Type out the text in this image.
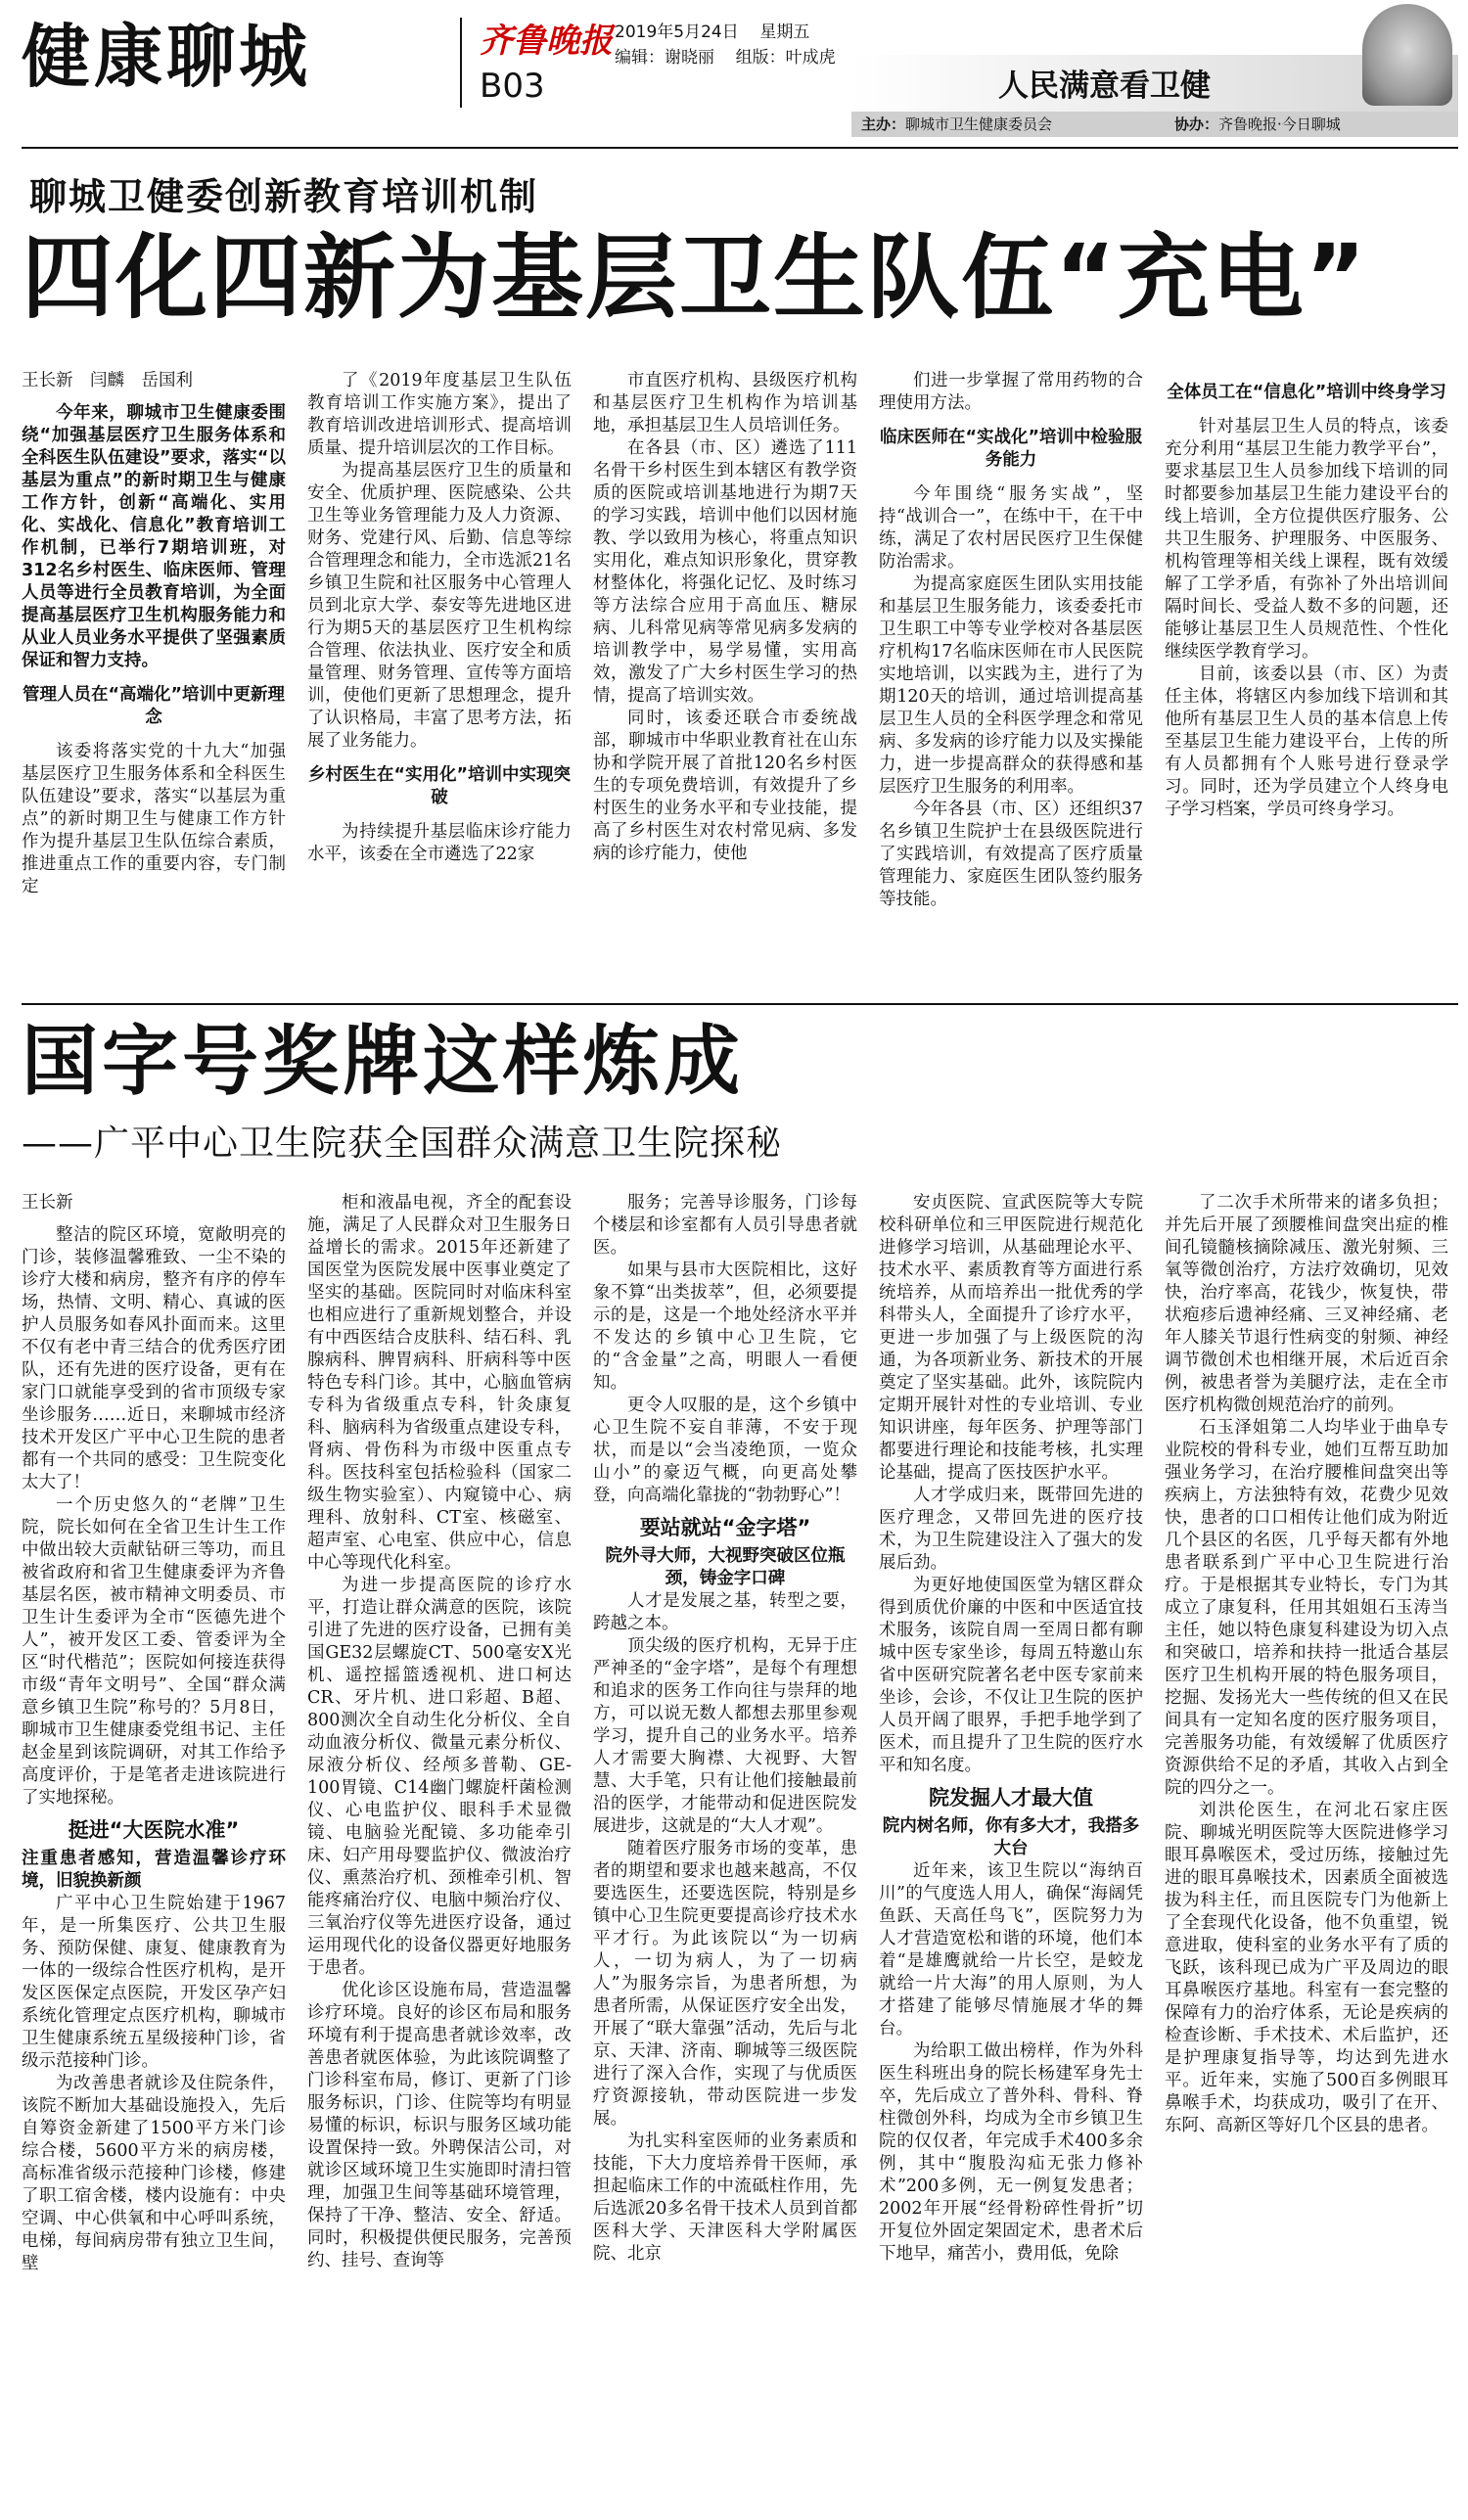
健康聊城	齐鲁晚报
B03
2019年5月24日 星期五
编辑：谢晓丽 组版：叶成虎
人民满意看卫健
主办：聊城市卫生健康委员会	协办：齐鲁晚报·今日聊城
聊城卫健委创新教育培训机制
四化四新为基层卫生队伍“充电”

王长新　闫麟　岳国利

今年来，聊城市卫生健康委围绕“加强基层医疗卫生服务体系和全科医生队伍建设”要求，落实“以基层为重点”的新时期卫生与健康工作方针，创新“高端化、实用化、实战化、信息化”教育培训工作机制，已举行7期培训班，对312名乡村医生、临床医师、管理人员等进行全员教育培训，为全面提高基层医疗卫生机构服务能力和从业人员业务水平提供了坚强素质保证和智力支持。

管理人员在“高端化”培训中更新理念

该委将落实党的十九大“加强基层医疗卫生服务体系和全科医生队伍建设”要求，落实“以基层为重点”的新时期卫生与健康工作方针作为提升基层卫生队伍综合素质，推进重点工作的重要内容，专门制定

了《2019年度基层卫生队伍教育培训工作实施方案》，提出了教育培训改进培训形式、提高培训质量、提升培训层次的工作目标。

为提高基层医疗卫生的质量和安全、优质护理、医院感染、公共卫生等业务管理能力及人力资源、财务、党建行风、后勤、信息等综合管理理念和能力，全市选派21名乡镇卫生院和社区服务中心管理人员到北京大学、泰安等先进地区进行为期5天的基层医疗卫生机构综合管理、依法执业、医疗安全和质量管理、财务管理、宣传等方面培训，使他们更新了思想理念，提升了认识格局，丰富了思考方法，拓展了业务能力。

乡村医生在“实用化”培训中实现突破

为持续提升基层临床诊疗能力水平，该委在全市遴选了22家

市直医疗机构、县级医疗机构和基层医疗卫生机构作为培训基地，承担基层卫生人员培训任务。

在各县（市、区）遴选了111名骨干乡村医生到本辖区有教学资质的医院或培训基地进行为期7天的学习实践，培训中他们以因材施教、学以致用为核心，将重点知识实用化，难点知识形象化，贯穿教材整体化，将强化记忆、及时练习等方法综合应用于高血压、糖尿病、儿科常见病等常见病多发病的培训教学中，易学易懂，实用高效，激发了广大乡村医生学习的热情，提高了培训实效。

同时，该委还联合市委统战部，聊城市中华职业教育社在山东协和学院开展了首批120名乡村医生的专项免费培训，有效提升了乡村医生的业务水平和专业技能，提高了乡村医生对农村常见病、多发病的诊疗能力，使他

们进一步掌握了常用药物的合理使用方法。

临床医师在“实战化”培训中检验服务能力

今年围绕“服务实战”，坚持“战训合一”，在练中干，在干中练，满足了农村居民医疗卫生保健防治需求。

为提高家庭医生团队实用技能和基层卫生服务能力，该委委托市卫生职工中等专业学校对各基层医疗机构17名临床医师在市人民医院实地培训，以实践为主，进行了为期120天的培训，通过培训提高基层卫生人员的全科医学理念和常见病、多发病的诊疗能力以及实操能力，进一步提高群众的获得感和基层医疗卫生服务的利用率。

今年各县（市、区）还组织37名乡镇卫生院护士在县级医院进行了实践培训，有效提高了医疗质量管理能力、家庭医生团队签约服务等技能。

全体员工在“信息化”培训中终身学习

针对基层卫生人员的特点，该委充分利用“基层卫生能力教学平台”，要求基层卫生人员参加线下培训的同时都要参加基层卫生能力建设平台的线上培训，全方位提供医疗服务、公共卫生服务、护理服务、中医服务、机构管理等相关线上课程，既有效缓解了工学矛盾，有弥补了外出培训间隔时间长、受益人数不多的问题，还能够让基层卫生人员规范性、个性化继续医学教育学习。

目前，该委以县（市、区）为责任主体，将辖区内参加线下培训和其他所有基层卫生人员的基本信息上传至基层卫生能力建设平台，上传的所有人员都拥有个人账号进行登录学习。同时，还为学员建立个人终身电子学习档案，学员可终身学习。

国字号奖牌这样炼成
——广平中心卫生院获全国群众满意卫生院探秘

王长新

整洁的院区环境，宽敞明亮的门诊，装修温馨雅致、一尘不染的诊疗大楼和病房，整齐有序的停车场，热情、文明、精心、真诚的医护人员服务如春风扑面而来。这里不仅有老中青三结合的优秀医疗团队，还有先进的医疗设备，更有在家门口就能享受到的省市顶级专家坐诊服务……近日，来聊城市经济技术开发区广平中心卫生院的患者都有一个共同的感受：卫生院变化太大了！

一个历史悠久的“老牌”卫生院，院长如何在全省卫生计生工作中做出较大贡献钻研三等功，而且被省政府和省卫生健康委评为齐鲁基层名医，被市精神文明委员、市卫生计生委评为全市“医德先进个人”，被开发区工委、管委评为全区“时代楷范”；医院如何接连获得市级“青年文明号”、全国“群众满意乡镇卫生院”称号的？5月8日，聊城市卫生健康委党组书记、主任赵金星到该院调研，对其工作给予高度评价，于是笔者走进该院进行了实地探秘。

挺进“大医院水准”

注重患者感知，营造温馨诊疗环境，旧貌换新颜

广平中心卫生院始建于1967年，是一所集医疗、公共卫生服务、预防保健、康复、健康教育为一体的一级综合性医疗机构，是开发区医保定点医院，开发区孕产妇系统化管理定点医疗机构，聊城市卫生健康系统五星级接种门诊，省级示范接种门诊。

为改善患者就诊及住院条件，该院不断加大基础设施投入，先后自筹资金新建了1500平方米门诊综合楼，5600平方米的病房楼，高标准省级示范接种门诊楼，修建了职工宿舍楼，楼内设施有：中央空调、中心供氧和中心呼叫系统，电梯，每间病房带有独立卫生间，壁

柜和液晶电视，齐全的配套设施，满足了人民群众对卫生服务日益增长的需求。2015年还新建了国医堂为医院发展中医事业奠定了坚实的基础。医院同时对临床科室也相应进行了重新规划整合，并设有中西医结合皮肤科、结石科、乳腺病科、脾胃病科、肝病科等中医特色专科门诊。其中，心脑血管病专科为省级重点专科，针灸康复科、脑病科为省级重点建设专科，肾病、骨伤科为市级中医重点专科。医技科室包括检验科（国家二级生物实验室）、内窥镜中心、病理科、放射科、CT室、核磁室、超声室、心电室、供应中心，信息中心等现代化科室。

为进一步提高医院的诊疗水平，打造让群众满意的医院，该院引进了先进的医疗设备，已拥有美国GE32层螺旋CT、500毫安X光机、遥控摇篮透视机、进口柯达CR、牙片机、进口彩超、B超、800测次全自动生化分析仪、全自动血液分析仪、微量元素分析仪、尿液分析仪、经颅多普勒、GE-100胃镜、C14幽门螺旋杆菌检测仪、心电监护仪、眼科手术显微镜、电脑验光配镜、多功能牵引床、妇产用母婴监护仪、微波治疗仪、熏蒸治疗机、颈椎牵引机、智能疼痛治疗仪、电脑中频治疗仪、三氧治疗仪等先进医疗设备，通过运用现代化的设备仪器更好地服务于患者。

优化诊区设施布局，营造温馨诊疗环境。良好的诊区布局和服务环境有利于提高患者就诊效率，改善患者就医体验，为此该院调整了门诊科室布局，修订、更新了门诊服务标识，门诊、住院等均有明显易懂的标识，标识与服务区域功能设置保持一致。外聘保洁公司，对就诊区域环境卫生实施即时清扫管理，加强卫生间等基础环境管理，保持了干净、整洁、安全、舒适。同时，积极提供便民服务，完善预约、挂号、查询等

服务；完善导诊服务，门诊每个楼层和诊室都有人员引导患者就医。

如果与县市大医院相比，这好象不算“出类拔萃”，但，必须要提示的是，这是一个地处经济水平并不发达的乡镇中心卫生院，它的“含金量”之高，明眼人一看便知。

更令人叹服的是，这个乡镇中心卫生院不妄自菲薄，不安于现状，而是以“会当凌绝顶，一览众山小”的豪迈气概，向更高处攀登，向高端化靠拢的“勃勃野心”！

要站就站“金字塔”

院外寻大师，大视野突破区位瓶颈，铸金字口碑

人才是发展之基，转型之要，跨越之本。

顶尖级的医疗机构，无异于庄严神圣的“金字塔”，是每个有理想和追求的医务工作向往与崇拜的地方，可以说无数人都想去那里参观学习，提升自己的业务水平。培养人才需要大胸襟、大视野、大智慧、大手笔，只有让他们接触最前沿的医学，才能带动和促进医院发展进步，这就是的“大人才观”。

随着医疗服务市场的变革，患者的期望和要求也越来越高，不仅要选医生，还要选医院，特别是乡镇中心卫生院更要提高诊疗技术水平才行。为此该院以“为一切病人，一切为病人，为了一切病人”为服务宗旨，为患者所想，为患者所需，从保证医疗安全出发，开展了“联大靠强”活动，先后与北京、天津、济南、聊城等三级医院进行了深入合作，实现了与优质医疗资源接轨，带动医院进一步发展。

为扎实科室医师的业务素质和技能，下大力度培养骨干医师，承担起临床工作的中流砥柱作用，先后选派20多名骨干技术人员到首都医科大学、天津医科大学附属医院、北京

安贞医院、宣武医院等大专院校科研单位和三甲医院进行规范化进修学习培训，从基础理论水平、技术水平、素质教育等方面进行系统培养，从而培养出一批优秀的学科带头人，全面提升了诊疗水平，更进一步加强了与上级医院的沟通，为各项新业务、新技术的开展奠定了坚实基础。此外，该院院内定期开展针对性的专业培训、专业知识讲座，每年医务、护理等部门都要进行理论和技能考核，扎实理论基础，提高了医技医护水平。

人才学成归来，既带回先进的医疗理念，又带回先进的医疗技术，为卫生院建设注入了强大的发展后劲。

为更好地使国医堂为辖区群众得到质优价廉的中医和中医适宜技术服务，该院自周一至周日都有聊城中医专家坐诊，每周五特邀山东省中医研究院著名老中医专家前来坐诊，会诊，不仅让卫生院的医护人员开阔了眼界，手把手地学到了医术，而且提升了卫生院的医疗水平和知名度。

院发掘人才最大值

院内树名师，你有多大才，我搭多大台

近年来，该卫生院以“海纳百川”的气度选人用人，确保“海阔凭鱼跃、天高任鸟飞”，医院努力为人才营造宽松和谐的环境，他们本着“是雄鹰就给一片长空，是蛟龙就给一片大海”的用人原则，为人才搭建了能够尽情施展才华的舞台。

为给职工做出榜样，作为外科医生科班出身的院长杨建军身先士卒，先后成立了普外科、骨科、脊柱微创外科，均成为全市乡镇卫生院的仅仅者，年完成手术400多余例，其中“腹股沟疝无张力修补术”200多例，无一例复发患者；2002年开展“经骨粉碎性骨折”切开复位外固定架固定术，患者术后下地早，痛苦小，费用低，免除

了二次手术所带来的诸多负担；并先后开展了颈腰椎间盘突出症的椎间孔镜髓核摘除减压、激光射频、三氧等微创治疗，方法疗效确切，见效快，治疗率高，花钱少，恢复快，带状疱疹后遗神经痛、三叉神经痛、老年人膝关节退行性病变的射频、神经调节微创术也相继开展，术后近百余例，被患者誉为美腿疗法，走在全市医疗机构微创规范治疗的前列。

石玉泽姐第二人均毕业于曲阜专业院校的骨科专业，她们互帮互助加强业务学习，在治疗腰椎间盘突出等疾病上，方法独特有效，花费少见效快，患者的口口相传让他们成为附近几个县区的名医，几乎每天都有外地患者联系到广平中心卫生院进行治疗。于是根据其专业特长，专门为其成立了康复科，任用其姐姐石玉涛当主任，她以特色康复科建设为切入点和突破口，培养和扶持一批适合基层医疗卫生机构开展的特色服务项目，挖掘、发扬光大一些传统的但又在民间具有一定知名度的医疗服务项目，完善服务功能，有效缓解了优质医疗资源供给不足的矛盾，其收入占到全院的四分之一。

刘洪伦医生，在河北石家庄医院、聊城光明医院等大医院进修学习眼耳鼻喉医术，受过历练，接触过先进的眼耳鼻喉技术，因素质全面被选拔为科主任，而且医院专门为他新上了全套现代化设备，他不负重望，锐意进取，使科室的业务水平有了质的飞跃，该科现已成为广平及周边的眼耳鼻喉医疗基地。科室有一套完整的保障有力的治疗体系，无论是疾病的检查诊断、手术技术、术后监护，还是护理康复指导等，均达到先进水平。近年来，实施了500百多例眼耳鼻喉手术，均获成功，吸引了在开、东阿、高新区等好几个区县的患者。
